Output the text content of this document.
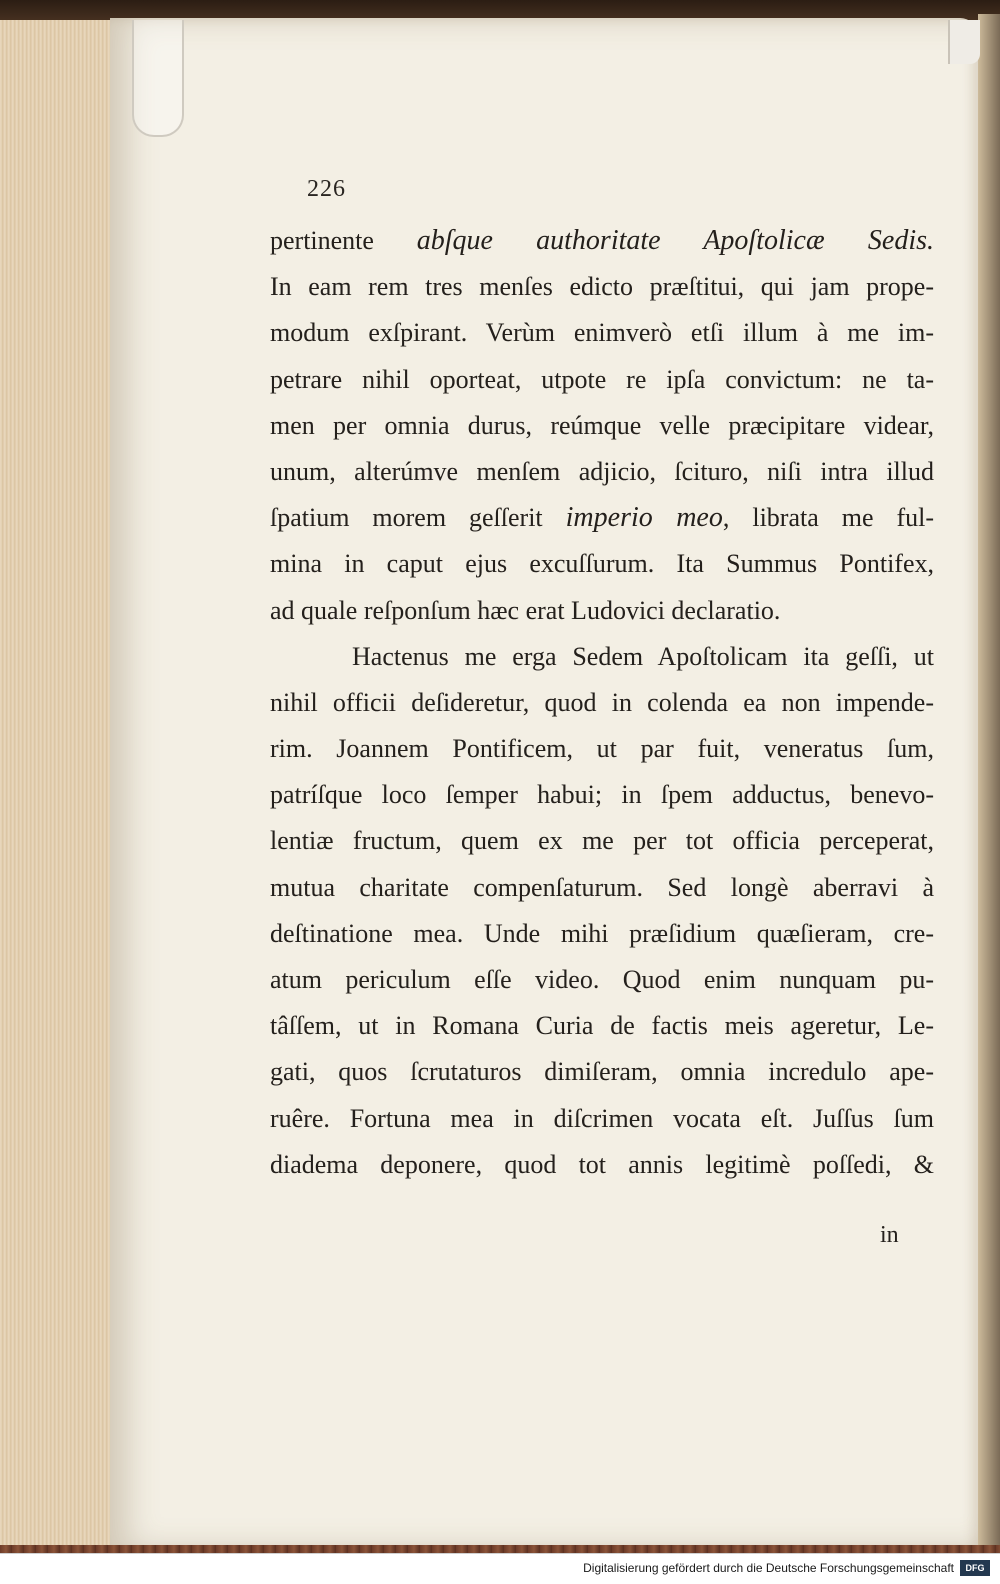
226
pertinente abſque authoritate Apoſtolicæ Sedis.
In eam rem tres menſes edicto præſtitui, qui jam prope-
modum exſpirant. Verùm enimverò etſi illum à me im-
petrare nihil oporteat, utpote re ipſa convictum: ne ta-
men per omnia durus, reúmque velle præcipitare videar,
unum, alterúmve menſem adjicio, ſcituro, niſi intra illud
ſpatium morem geſſerit imperio meo, librata me ful-
mina in caput ejus excuſſurum. Ita Summus Pontifex,
ad quale reſponſum hæc erat Ludovici declaratio.
Hactenus me erga Sedem Apoſtolicam ita geſſi, ut
nihil officii deſideretur, quod in colenda ea non impende-
rim. Joannem Pontificem, ut par fuit, veneratus ſum,
patríſque loco ſemper habui; in ſpem adductus, benevo-
lentiæ fructum, quem ex me per tot officia perceperat,
mutua charitate compenſaturum. Sed longè aberravi à
deſtinatione mea. Unde mihi præſidium quæſieram, cre-
atum periculum eſſe video. Quod enim nunquam pu-
tâſſem, ut in Romana Curia de factis meis ageretur, Le-
gati, quos ſcrutaturos dimiſeram, omnia incredulo ape-
ruêre. Fortuna mea in diſcrimen vocata eſt. Juſſus ſum
diadema deponere, quod tot annis legitimè poſſedi, &
in
Digitalisierung gefördert durch die Deutsche Forschungsgemeinschaft	DFG
